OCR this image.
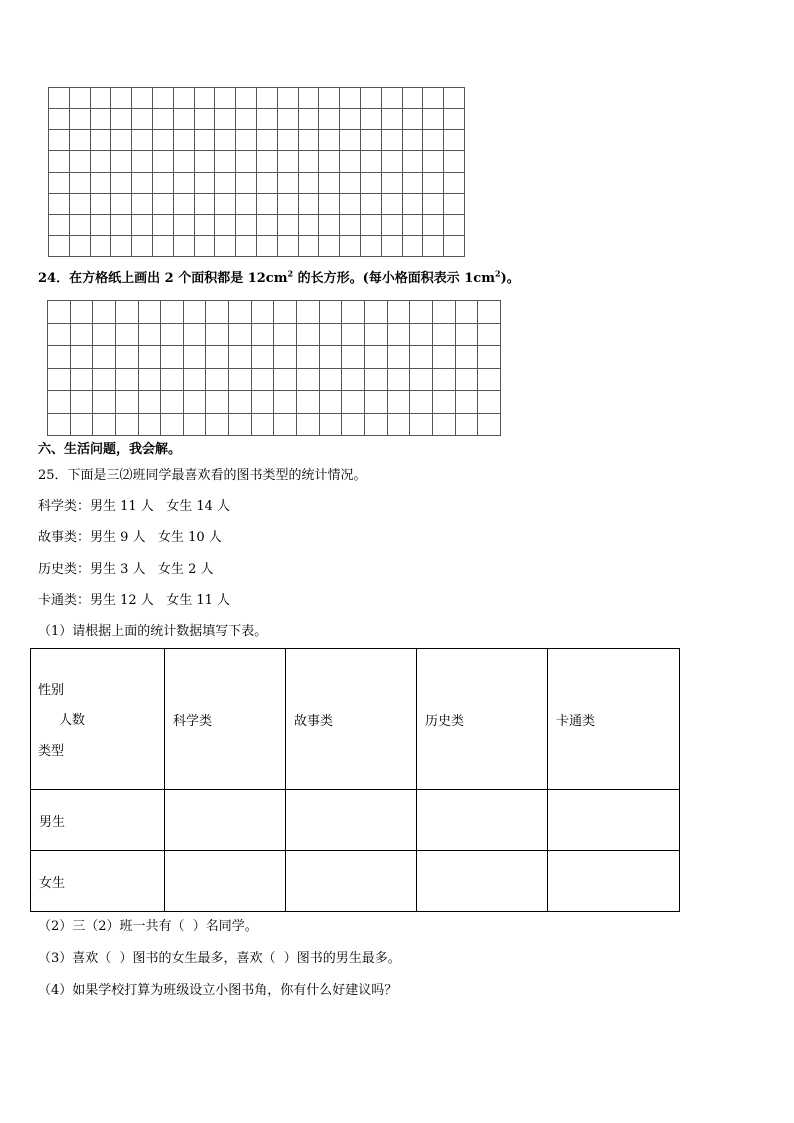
24．在方格纸上画出 2 个面积都是 $12cm^2$ 的长方形。(每小格面积表示 $1cm^2$)。

六、生活问题，我会解。
25．下面是三⑵班同学最喜欢看的图书类型的统计情况。
科学类：男生 11 人   女生 14 人
故事类：男生 9 人   女生 10 人
历史类：男生 3 人   女生 2 人
卡通类：男生 12 人   女生 11 人
（1）请根据上面的统计数据填写下表。
性别
人数
类型	科学类	故事类	历史类	卡通类
男生				
女生				
（2）三（2）班一共有（  ）名同学。
（3）喜欢（  ）图书的女生最多，喜欢（  ）图书的男生最多。
（4）如果学校打算为班级设立小图书角，你有什么好建议吗？
